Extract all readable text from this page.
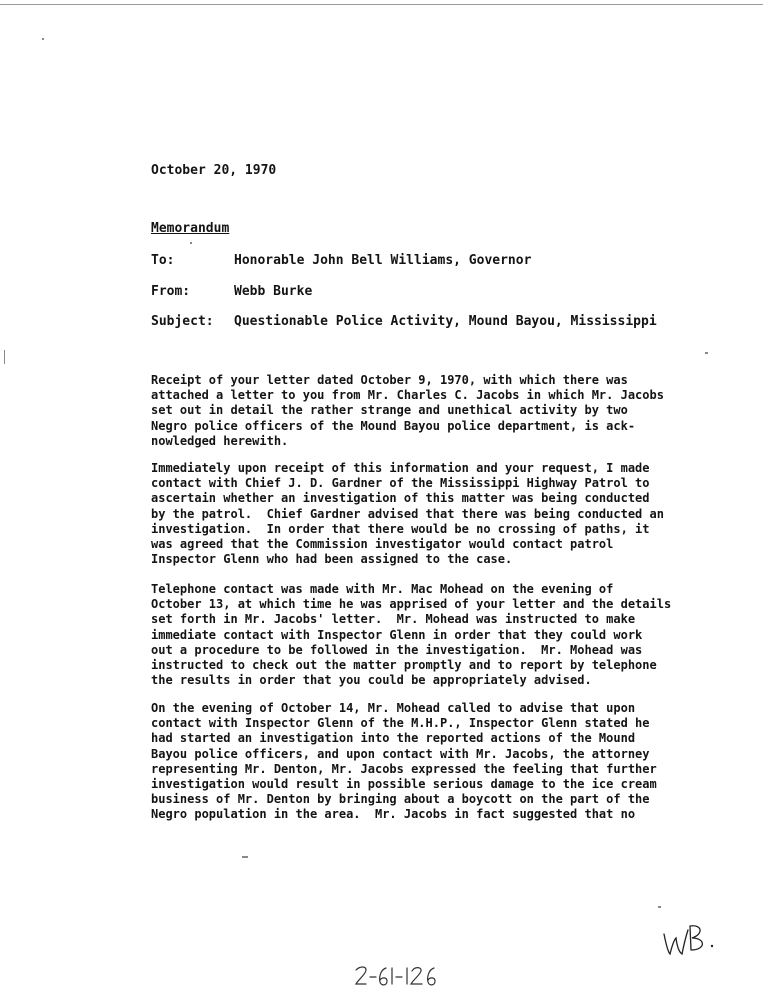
October 20, 1970
Memorandum

To:

	Honorable John Bell Williams, Governor

From:

	Webb Burke

Subject:

Questionable Police Activity, Mound Bayou, Mississippi

Receipt of your letter dated October 9, 1970, with which there was
attached a letter to you from Mr. Charles C. Jacobs in which Mr. Jacobs
set out in detail the rather strange and unethical activity by two
Negro police officers of the Mound Bayou police department, is ack-
nowledged herewith.
Immediately upon receipt of this information and your request, I made
contact with Chief J. D. Gardner of the Mississippi Highway Patrol to
ascertain whether an investigation of this matter was being conducted
by the patrol.  Chief Gardner advised that there was being conducted an
investigation.  In order that there would be no crossing of paths, it
was agreed that the Commission investigator would contact patrol
Inspector Glenn who had been assigned to the case.
Telephone contact was made with Mr. Mac Mohead on the evening of
October 13, at which time he was apprised of your letter and the details
set forth in Mr. Jacobs' letter.  Mr. Mohead was instructed to make
immediate contact with Inspector Glenn in order that they could work
out a procedure to be followed in the investigation.  Mr. Mohead was
instructed to check out the matter promptly and to report by telephone
the results in order that you could be appropriately advised.
On the evening of October 14, Mr. Mohead called to advise that upon
contact with Inspector Glenn of the M.H.P., Inspector Glenn stated he
had started an investigation into the reported actions of the Mound
Bayou police officers, and upon contact with Mr. Jacobs, the attorney
representing Mr. Denton, Mr. Jacobs expressed the feeling that further
investigation would result in possible serious damage to the ice cream
business of Mr. Denton by bringing about a boycott on the part of the
Negro population in the area.  Mr. Jacobs in fact suggested that no
